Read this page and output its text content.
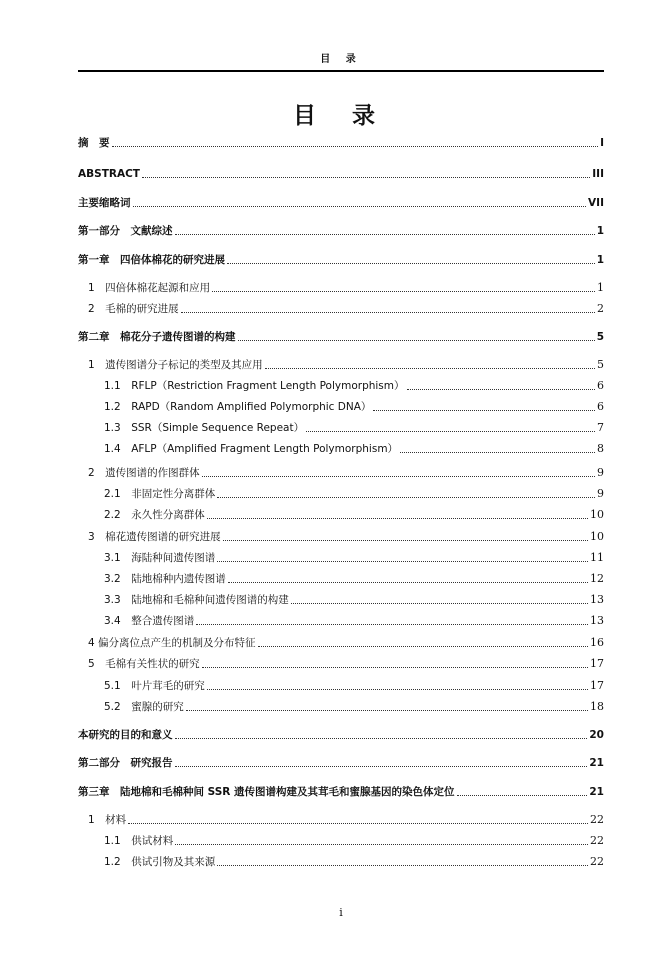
目 录
目 录
摘　要	I
ABSTRACT	III
主要缩略词	VII
第一部分　文献综述	1
第一章　四倍体棉花的研究进展	1
1　四倍体棉花起源和应用	1
2　毛棉的研究进展	2
第二章　棉花分子遗传图谱的构建	5
1　遗传图谱分子标记的类型及其应用	5
1.1　RFLP（Restriction Fragment Length Polymorphism）	6
1.2　RAPD（Random Amplified Polymorphic DNA）	6
1.3　SSR（Simple Sequence Repeat）	7
1.4　AFLP（Amplified Fragment Length Polymorphism）	8
2　遗传图谱的作图群体	9
2.1　非固定性分离群体	9
2.2　永久性分离群体	10
3　棉花遗传图谱的研究进展	10
3.1　海陆种间遗传图谱	11
3.2　陆地棉种内遗传图谱	12
3.3　陆地棉和毛棉种间遗传图谱的构建	13
3.4　整合遗传图谱	13
4 偏分离位点产生的机制及分布特征	16
5　毛棉有关性状的研究	17
5.1　叶片茸毛的研究	17
5.2　蜜腺的研究	18
本研究的目的和意义	20
第二部分　研究报告	21
第三章　陆地棉和毛棉种间 SSR 遗传图谱构建及其茸毛和蜜腺基因的染色体定位	21
1　材料	22
1.1　供试材料	22
1.2　供试引物及其来源	22
i
